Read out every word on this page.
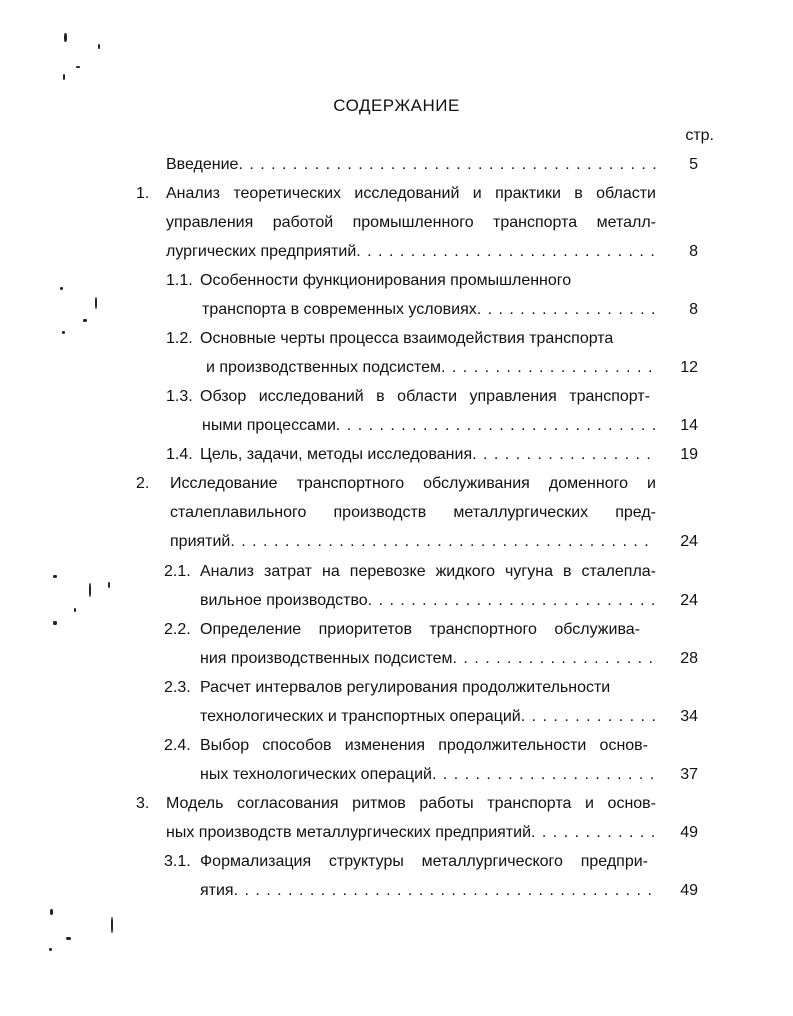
СОДЕРЖАНИЕ
стр.
Введение . . .	5
1. Анализ теоретических исследований и практики в области
управления работой промышленного транспорта металл-
лургических предприятий . . .	8
1.1. Особенности функционирования промышленного
транспорта в современных условиях . . .	8
1.2. Основные черты процесса взаимодействия транспорта
и производственных подсистем . . .	12
1.3. Обзор исследований в области управления транспорт-
ными процессами . . .	14
1.4. Цель, задачи, методы исследования . . .	19
2. Исследование транспортного обслуживания доменного и
сталеплавильного производств металлургических пред-
приятий . . .	24
2.1. Анализ затрат на перевозке жидкого чугуна в сталепла-
вильное производство . . .	24
2.2. Определение приоритетов транспортного обслужива-
ния производственных подсистем . . .	28
2.3. Расчет интервалов регулирования продолжительности
технологических и транспортных операций . . .	34
2.4. Выбор способов изменения продолжительности основ-
ных технологических операций . . .	37
3. Модель согласования ритмов работы транспорта и основ-
ных производств металлургических предприятий . . .	49
3.1. Формализация структуры металлургического предпри-
ятия . . .	49
